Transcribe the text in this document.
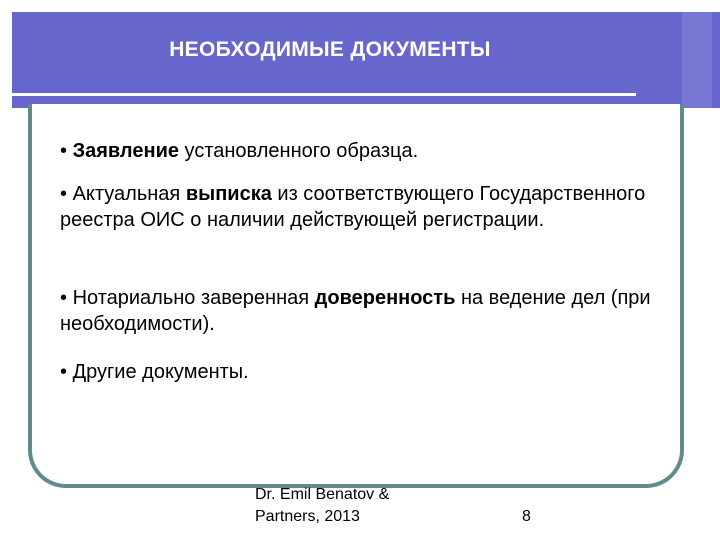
НЕОБХОДИМЫЕ ДОКУМЕНТЫ
• Заявление установленного образца.
• Актуальная выписка из соответствующего Государственного реестра ОИС о наличии действующей регистрации.
• Нотариально заверенная доверенность на ведение дел (при необходимости).
• Другие документы.
Dr. Emil Benatov &
Partners, 2013	8
